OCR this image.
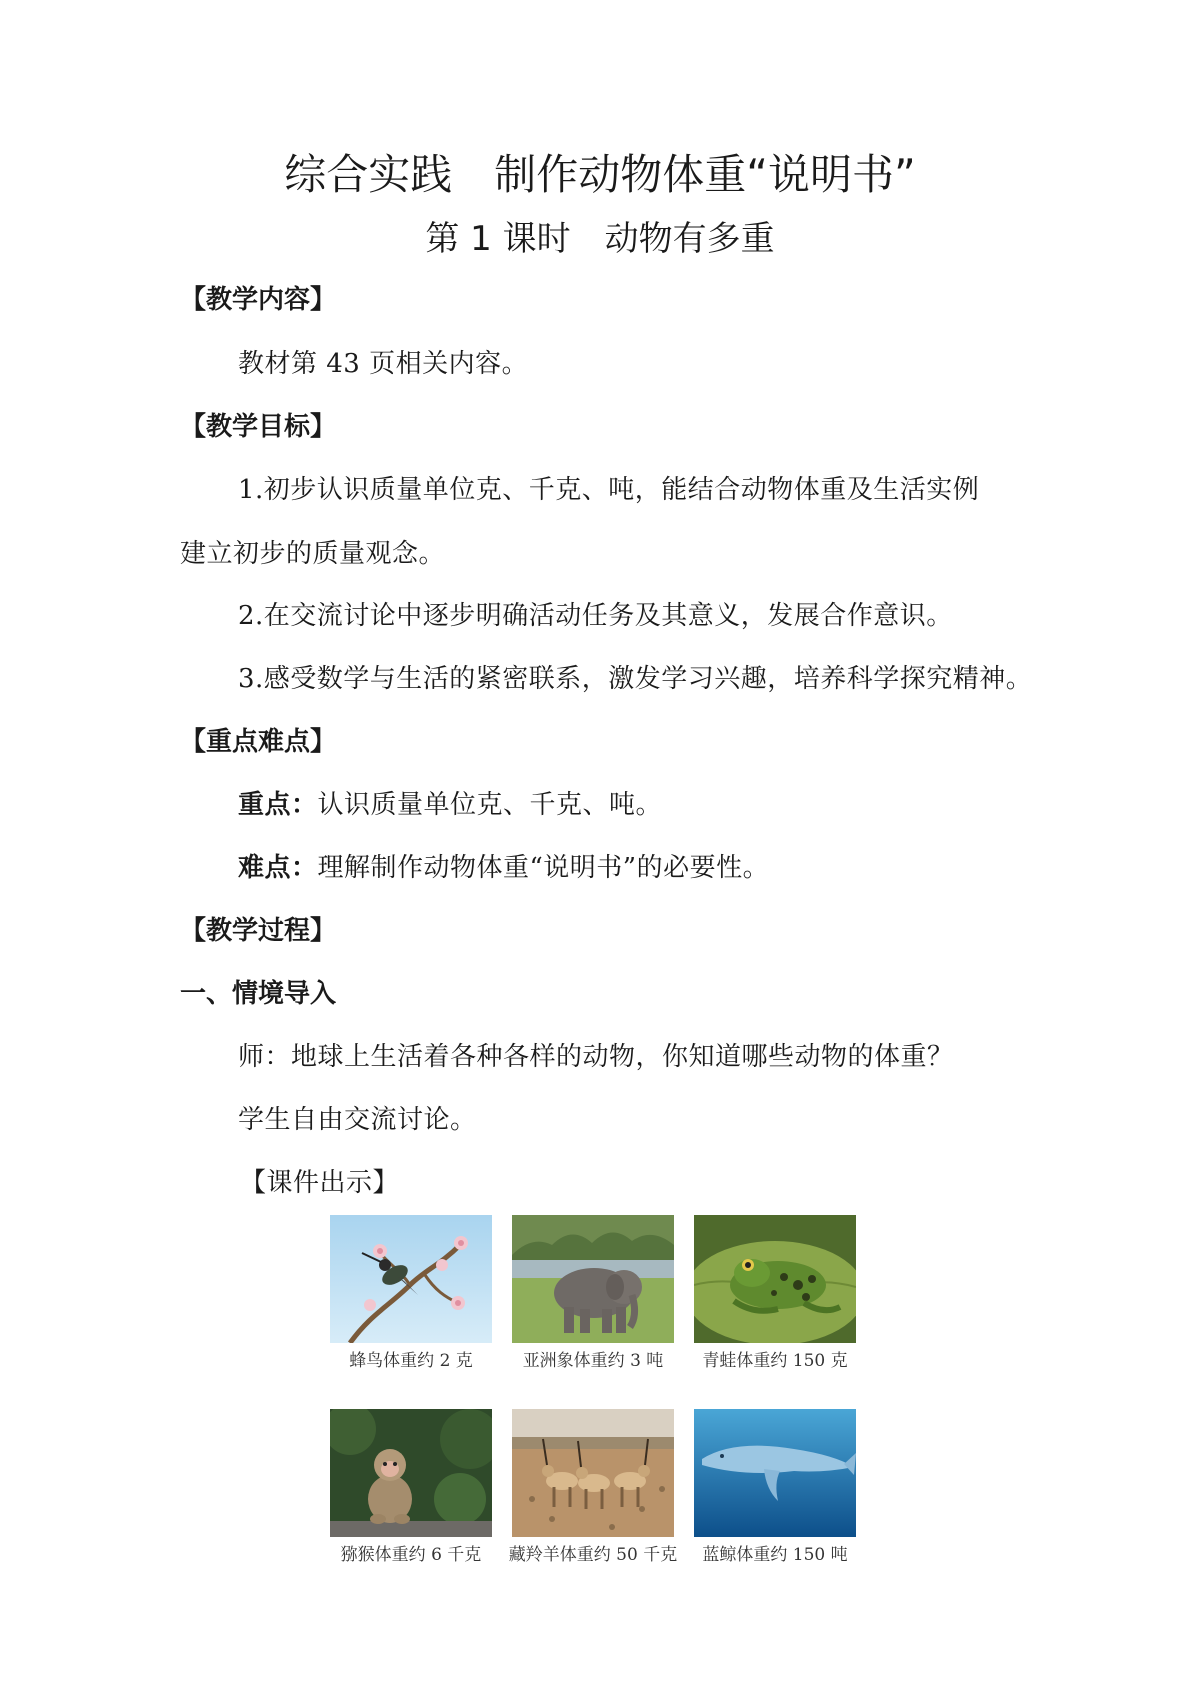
综合实践　制作动物体重“说明书”
第 1 课时　动物有多重
【教学内容】
教材第 43 页相关内容。
【教学目标】
1.初步认识质量单位克、千克、吨，能结合动物体重及生活实例
建立初步的质量观念。
2.在交流讨论中逐步明确活动任务及其意义，发展合作意识。
3.感受数学与生活的紧密联系，激发学习兴趣，培养科学探究精神。
【重点难点】
重点：认识质量单位克、千克、吨。
难点：理解制作动物体重“说明书”的必要性。
【教学过程】
一、情境导入
师：地球上生活着各种各样的动物，你知道哪些动物的体重？
学生自由交流讨论。
【课件出示】
蜂鸟体重约 2 克	亚洲象体重约 3 吨	青蛙体重约 150 克
猕猴体重约 6 千克	藏羚羊体重约 50 千克	蓝鲸体重约 150 吨
